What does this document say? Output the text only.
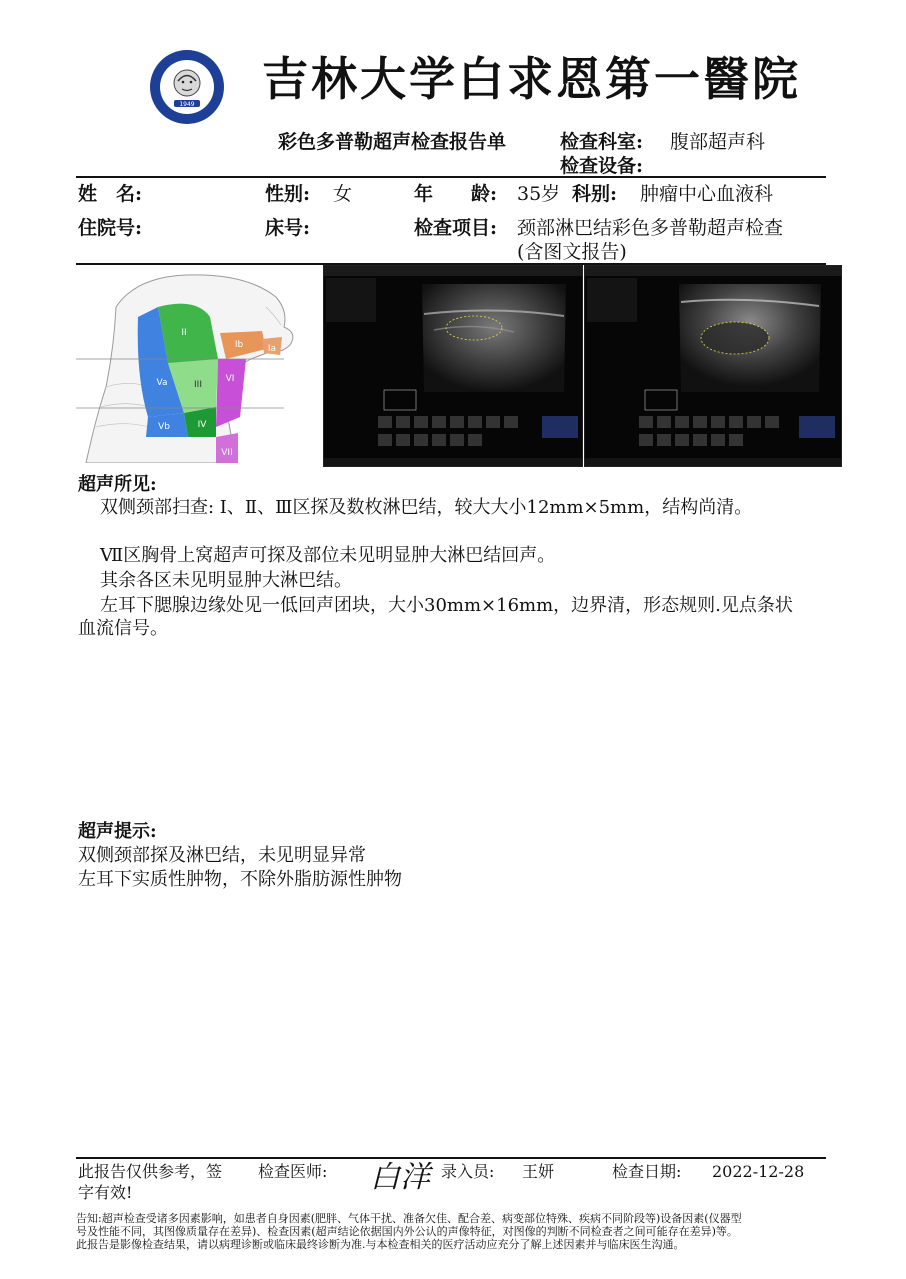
1949 吉林大学白求恩第一醫院
彩色多普勒超声检查报告单	检查科室: 腹部超声科
检查设备:
姓　名:	性别: 女	年　　龄: 35岁 科别: 肿瘤中心血液科
住院号:	床号:	检查项目: 颈部淋巴结彩色多普勒超声检查
(含图文报告)
II
Ib	Ia
Va	III
VI
Vb	IV
VII
超声所见:
双侧颈部扫查: Ⅰ、Ⅱ、Ⅲ区探及数枚淋巴结，较大大小12mm×5mm，结构尚清。
Ⅶ区胸骨上窝超声可探及部位未见明显肿大淋巴结回声。
其余各区未见明显肿大淋巴结。
左耳下腮腺边缘处见一低回声团块，大小30mm×16mm，边界清，形态规则.见点条状血流信号。
超声提示:
双侧颈部探及淋巴结，未见明显异常
左耳下实质性肿物，不除外脂肪源性肿物
此报告仅供参考，签
字有效!
检查医师: 白洋 录入员: 王妍	检查日期: 2022-12-28
告知:超声检查受诸多因素影响，如患者自身因素(肥胖、气体干扰、准备欠佳、配合差、病变部位特殊、疾病不同阶段等)设备因素(仪器型
号及性能不同，其图像质量存在差异)、检查因素(超声结论依据国内外公认的声像特征，对图像的判断不同检查者之间可能存在差异)等。
此报告是影像检查结果，请以病理诊断或临床最终诊断为准.与本检查相关的医疗活动应充分了解上述因素并与临床医生沟通。
